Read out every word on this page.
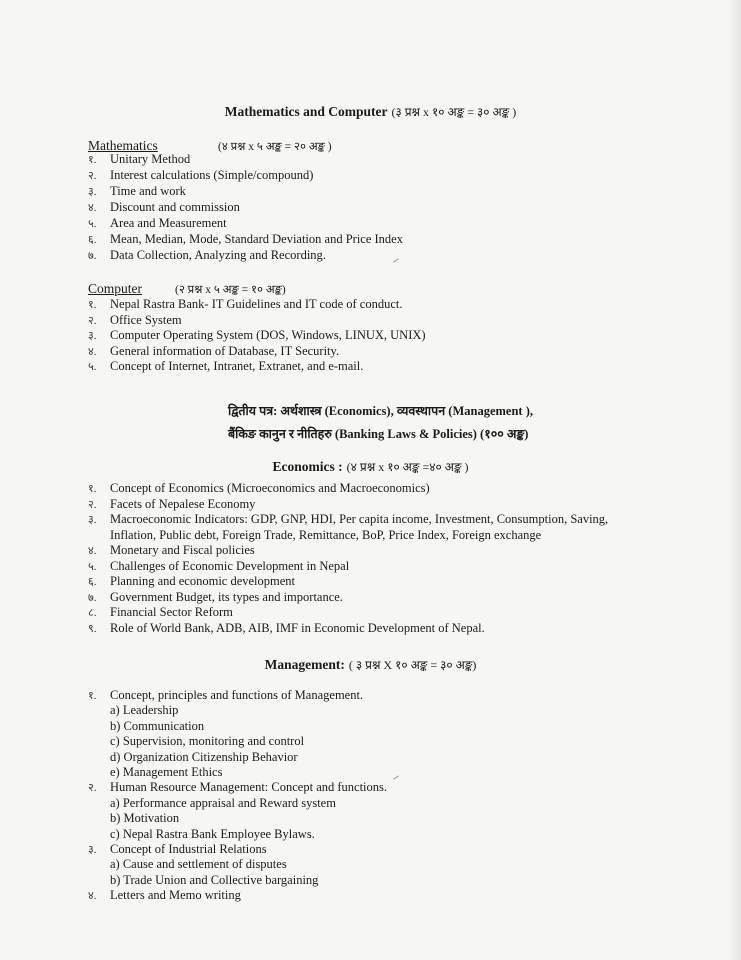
Mathematics and Computer (३ प्रश्न x १० अङ्क = ३० अङ्क )
Mathematics	(४ प्रश्न x ५ अङ्क = २० अङ्क )
१. Unitary Method
२. Interest calculations (Simple/compound)
३. Time and work
४. Discount and commission
५. Area and Measurement
६. Mean, Median, Mode, Standard Deviation and Price Index
७. Data Collection, Analyzing and Recording.
Computer	(२ प्रश्न x ५ अङ्क = १० अङ्क)
१. Nepal Rastra Bank- IT Guidelines and IT code of conduct.
२. Office System
३. Computer Operating System (DOS, Windows, LINUX, UNIX)
४. General information of Database, IT Security.
५. Concept of Internet, Intranet, Extranet, and e-mail.
द्वितीय पत्र: अर्थशास्त्र (Economics), व्यवस्थापन (Management ),
बैंकिङ कानुन र नीतिहरु (Banking Laws & Policies) (१०० अङ्क)
Economics : (४ प्रश्न x १० अङ्क =४० अङ्क )
१. Concept of Economics (Microeconomics and Macroeconomics)
२. Facets of Nepalese Economy
३. Macroeconomic Indicators: GDP, GNP, HDI, Per capita income, Investment, Consumption, Saving,
Inflation, Public debt, Foreign Trade, Remittance, BoP, Price Index, Foreign exchange
४. Monetary and Fiscal policies
५. Challenges of Economic Development in Nepal
६. Planning and economic development
७. Government Budget, its types and importance.
८. Financial Sector Reform
९. Role of World Bank, ADB, AIB, IMF in Economic Development of Nepal.
Management: ( ३ प्रश्न X १० अङ्क = ३० अङ्क)
१. Concept, principles and functions of Management.
a) Leadership
b) Communication
c) Supervision, monitoring and control
d) Organization Citizenship Behavior
e) Management Ethics
२. Human Resource Management: Concept and functions.
a) Performance appraisal and Reward system
b) Motivation
c) Nepal Rastra Bank Employee Bylaws.
३. Concept of Industrial Relations
a) Cause and settlement of disputes
b) Trade Union and Collective bargaining
४. Letters and Memo writing
